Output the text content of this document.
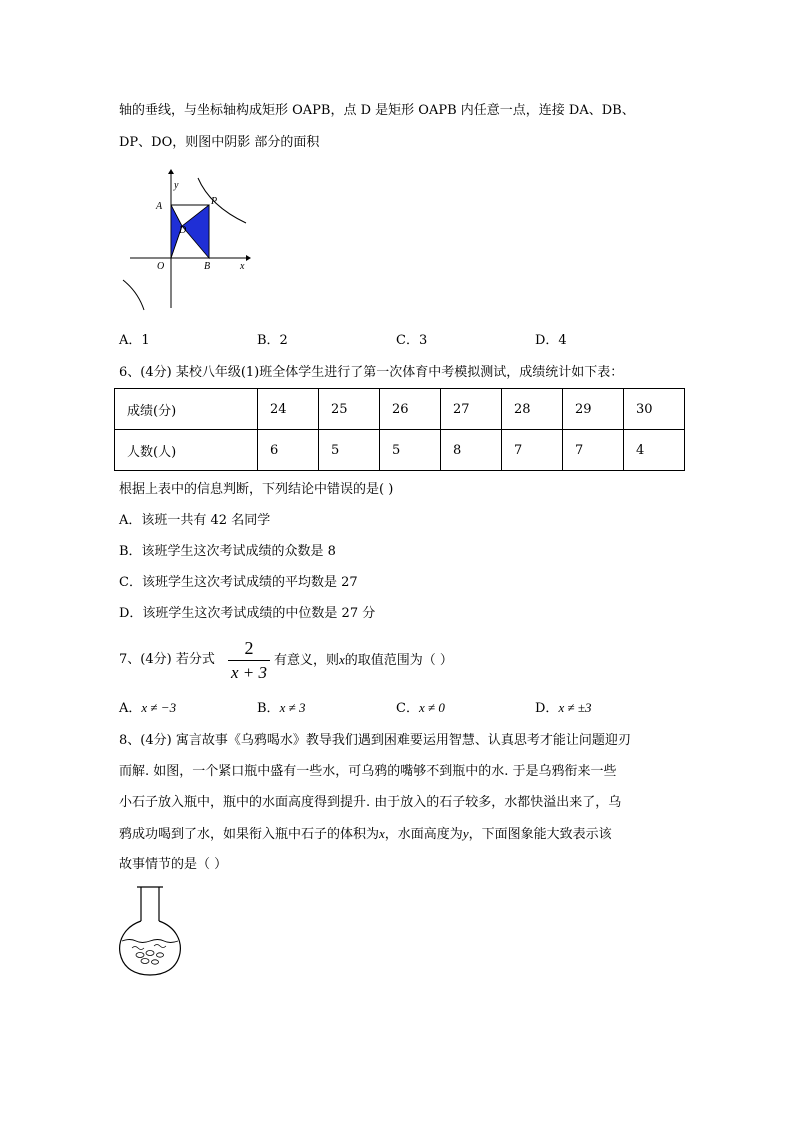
轴的垂线，与坐标轴构成矩形 OAPB，点 D 是矩形 OAPB 内任意一点，连接 DA、DB、
DP、DO，则图中阴影 部分的面积
y
A	P
D
O	B	x
A．1	B．2	C．3	D．4
6、(4分) 某校八年级(1)班全体学生进行了第一次体育中考模拟测试，成绩统计如下表：
成绩(分)	24	25	26	27	28	29	30
人数(人)	6	5	5	8	7	7	4
根据上表中的信息判断，下列结论中错误的是( )
A．该班一共有 42 名同学
B．该班学生这次考试成绩的众数是 8
C．该班学生这次考试成绩的平均数是 27
D．该班学生这次考试成绩的中位数是 27 分
7、(4分) 若分式
2
x + 3
有意义，则x的取值范围为（ ）
A．x ≠ −3	B．x ≠ 3	C．x ≠ 0	D．x ≠ ±3
8、(4分) 寓言故事《乌鸦喝水》教导我们遇到困难要运用智慧、认真思考才能让问题迎刃
而解. 如图，一个紧口瓶中盛有一些水，可乌鸦的嘴够不到瓶中的水. 于是乌鸦衔来一些
小石子放入瓶中，瓶中的水面高度得到提升. 由于放入的石子较多，水都快溢出来了，乌
鸦成功喝到了水，如果衔入瓶中石子的体积为x，水面高度为y，下面图象能大致表示该
故事情节的是（ ）
